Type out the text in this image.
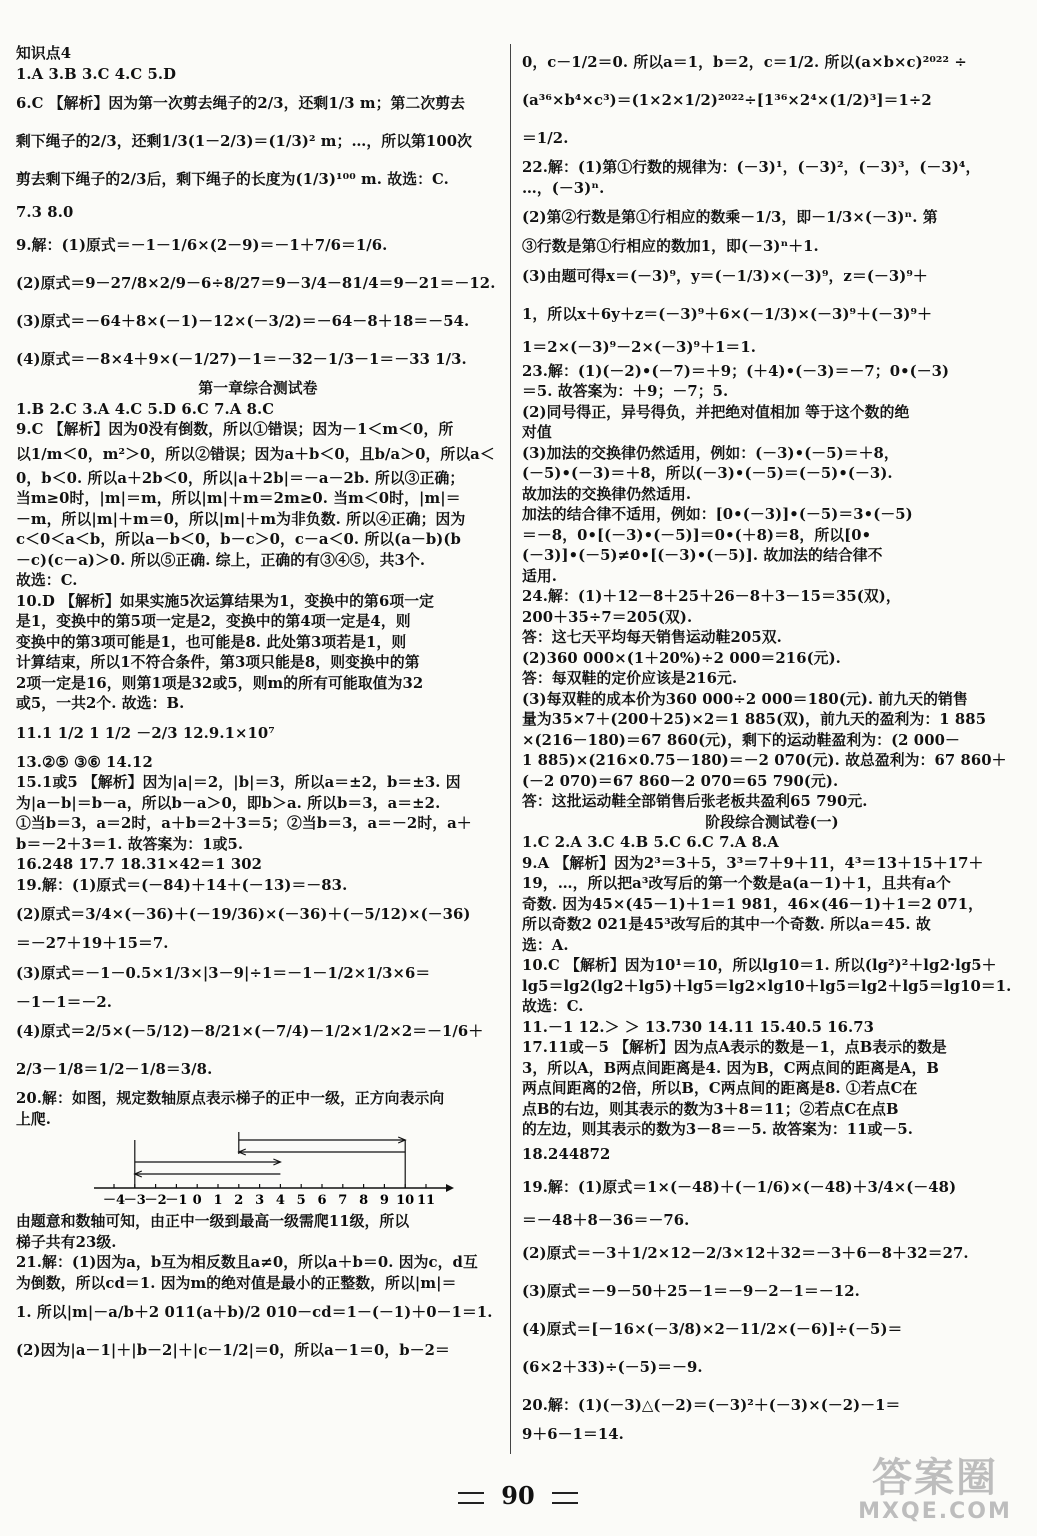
知识点4
1.A 3.B 3.C 4.C 5.D
6.C 【解析】因为第一次剪去绳子的2/3，还剩1/3 m；第二次剪去
剩下绳子的2/3，还剩1/3(1－2/3)＝(1/3)² m；…，所以第100次
剪去剩下绳子的2/3后，剩下绳子的长度为(1/3)¹⁰⁰ m. 故选：C.
7.3 8.0
9.解：(1)原式＝－1－1/6×(2－9)＝－1＋7/6＝1/6.
(2)原式＝9－27/8×2/9－6÷8/27＝9－3/4－81/4＝9－21＝－12.
(3)原式＝－64＋8×(－1)－12×(－3/2)＝－64－8＋18＝－54.
(4)原式＝－8×4＋9×(－1/27)－1＝－32－1/3－1＝－33 1/3.
第一章综合测试卷
1.B 2.C 3.A 4.C 5.D 6.C 7.A 8.C
9.C 【解析】因为0没有倒数，所以①错误；因为－1＜m＜0，所
以1/m＜0，m²＞0，所以②错误；因为a＋b＜0，且b/a＞0，所以a＜
0，b＜0. 所以a＋2b＜0，所以|a＋2b|＝－a－2b. 所以③正确；
当m≥0时，|m|＝m，所以|m|＋m＝2m≥0. 当m＜0时，|m|＝
－m，所以|m|＋m＝0，所以|m|＋m为非负数. 所以④正确；因为
c＜0＜a＜b，所以a－b＜0，b－c＞0，c－a＜0. 所以(a－b)(b
－c)(c－a)＞0. 所以⑤正确. 综上，正确的有③④⑤，共3个.
故选：C.
10.D 【解析】如果实施5次运算结果为1，变换中的第6项一定
是1，变换中的第5项一定是2，变换中的第4项一定是4，则
变换中的第3项可能是1，也可能是8. 此处第3项若是1，则
计算结束，所以1不符合条件，第3项只能是8，则变换中的第
2项一定是16，则第1项是32或5，则m的所有可能取值为32
或5，一共2个. 故选：B.
11.1 1/2 1 1/2 －2/3 12.9.1×10⁷
13.②⑤ ③⑥ 14.12
15.1或5 【解析】因为|a|＝2，|b|＝3，所以a＝±2，b＝±3. 因
为|a－b|＝b－a，所以b－a＞0，即b＞a. 所以b＝3，a＝±2.
①当b＝3，a＝2时，a＋b＝2＋3＝5；②当b＝3，a＝－2时，a＋
b＝－2＋3＝1. 故答案为：1或5.
16.248 17.7 18.31×42＝1 302
19.解：(1)原式＝(－84)＋14＋(－13)＝－83.
(2)原式＝3/4×(－36)＋(－19/36)×(－36)＋(－5/12)×(－36)
＝－27＋19＋15＝7.
(3)原式＝－1－0.5×1/3×|3－9|÷1＝－1－1/2×1/3×6＝
－1－1＝－2.
(4)原式＝2/5×(－5/12)－8/21×(－7/4)－1/2×1/2×2＝－1/6＋
2/3－1/8＝1/2－1/8＝3/8.
20.解：如图，规定数轴原点表示梯子的正中一级，正方向表示向
上爬.
－4
－3
－2
－1 0 1 2 3 4 5 6 7 8 9 10 11
由题意和数轴可知，由正中一级到最高一级需爬11级，所以
梯子共有23级.
21.解：(1)因为a，b互为相反数且a≠0，所以a＋b＝0. 因为c，d互
为倒数，所以cd＝1. 因为m的绝对值是最小的正整数，所以|m|＝
1. 所以|m|－a/b＋2 011(a＋b)/2 010－cd＝1－(－1)＋0－1＝1.
(2)因为|a－1|＋|b－2|＋|c－1/2|＝0，所以a－1＝0，b－2＝
0，c－1/2＝0. 所以a＝1，b＝2，c＝1/2. 所以(a×b×c)²⁰²² ÷
(a³⁶×b⁴×c³)＝(1×2×1/2)²⁰²²÷[1³⁶×2⁴×(1/2)³]＝1÷2
＝1/2.
22.解：(1)第①行数的规律为：(－3)¹，(－3)²，(－3)³，(－3)⁴，
…，(－3)ⁿ.
(2)第②行数是第①行相应的数乘－1/3，即－1/3×(－3)ⁿ. 第
③行数是第①行相应的数加1，即(－3)ⁿ＋1.
(3)由题可得x＝(－3)⁹，y＝(－1/3)×(－3)⁹，z＝(－3)⁹＋
1，所以x＋6y＋z＝(－3)⁹＋6×(－1/3)×(－3)⁹＋(－3)⁹＋
1＝2×(－3)⁹－2×(－3)⁹＋1＝1.
23.解：(1)(－2)•(－7)＝＋9；(＋4)•(－3)＝－7；0•(－3)
＝5. 故答案为：＋9；－7；5.
(2)同号得正，异号得负，并把绝对值相加 等于这个数的绝
对值
(3)加法的交换律仍然适用，例如：(－3)•(－5)＝＋8，
(－5)•(－3)＝＋8，所以(－3)•(－5)＝(－5)•(－3).
故加法的交换律仍然适用.
加法的结合律不适用，例如：[0•(－3)]•(－5)＝3•(－5)
＝－8，0•[(－3)•(－5)]＝0•(＋8)＝8，所以[0•
(－3)]•(－5)≠0•[(－3)•(－5)]. 故加法的结合律不
适用.
24.解：(1)＋12－8＋25＋26－8＋3－15＝35(双)，
200＋35÷7＝205(双).
答：这七天平均每天销售运动鞋205双.
(2)360 000×(1＋20%)÷2 000＝216(元).
答：每双鞋的定价应该是216元.
(3)每双鞋的成本价为360 000÷2 000＝180(元). 前九天的销售
量为35×7＋(200＋25)×2＝1 885(双)，前九天的盈利为：1 885
×(216－180)＝67 860(元)，剩下的运动鞋盈利为：(2 000－
1 885)×(216×0.75－180)＝－2 070(元). 故总盈利为：67 860＋
(－2 070)＝67 860－2 070＝65 790(元).
答：这批运动鞋全部销售后张老板共盈利65 790元.
阶段综合测试卷(一)
1.C 2.A 3.C 4.B 5.C 6.C 7.A 8.A
9.A 【解析】因为2³＝3＋5，3³＝7＋9＋11，4³＝13＋15＋17＋
19，…，所以把a³改写后的第一个数是a(a－1)＋1，且共有a个
奇数. 因为45×(45－1)＋1＝1 981，46×(46－1)＋1＝2 071，
所以奇数2 021是45³改写后的其中一个奇数. 所以a＝45. 故
选：A.
10.C 【解析】因为10¹＝10，所以lg10＝1. 所以(lg²)²＋lg2·lg5＋
lg5＝lg2(lg2＋lg5)＋lg5＝lg2×lg10＋lg5＝lg2＋lg5＝lg10＝1.
故选：C.
11.－1 12.＞ ＞ 13.730 14.11 15.40.5 16.73
17.11或－5 【解析】因为点A表示的数是－1，点B表示的数是
3，所以A，B两点间距离是4. 因为B，C两点间的距离是A，B
两点间距离的2倍，所以B，C两点间的距离是8. ①若点C在
点B的右边，则其表示的数为3＋8＝11；②若点C在点B
的左边，则其表示的数为3－8＝－5. 故答案为：11或－5.
18.244872
19.解：(1)原式＝1×(－48)＋(－1/6)×(－48)＋3/4×(－48)
＝－48＋8－36＝－76.
(2)原式＝－3＋1/2×12－2/3×12＋32＝－3＋6－8＋32＝27.
(3)原式＝－9－50＋25－1＝－9－2－1＝－12.
(4)原式＝[－16×(－3/8)×2－11/2×(－6)]÷(－5)＝
(6×2＋33)÷(－5)＝－9.
20.解：(1)(－3)△(－2)＝(－3)²＋(－3)×(－2)－1＝
9＋6－1＝14.
90	答案圈
MXQE.COM
